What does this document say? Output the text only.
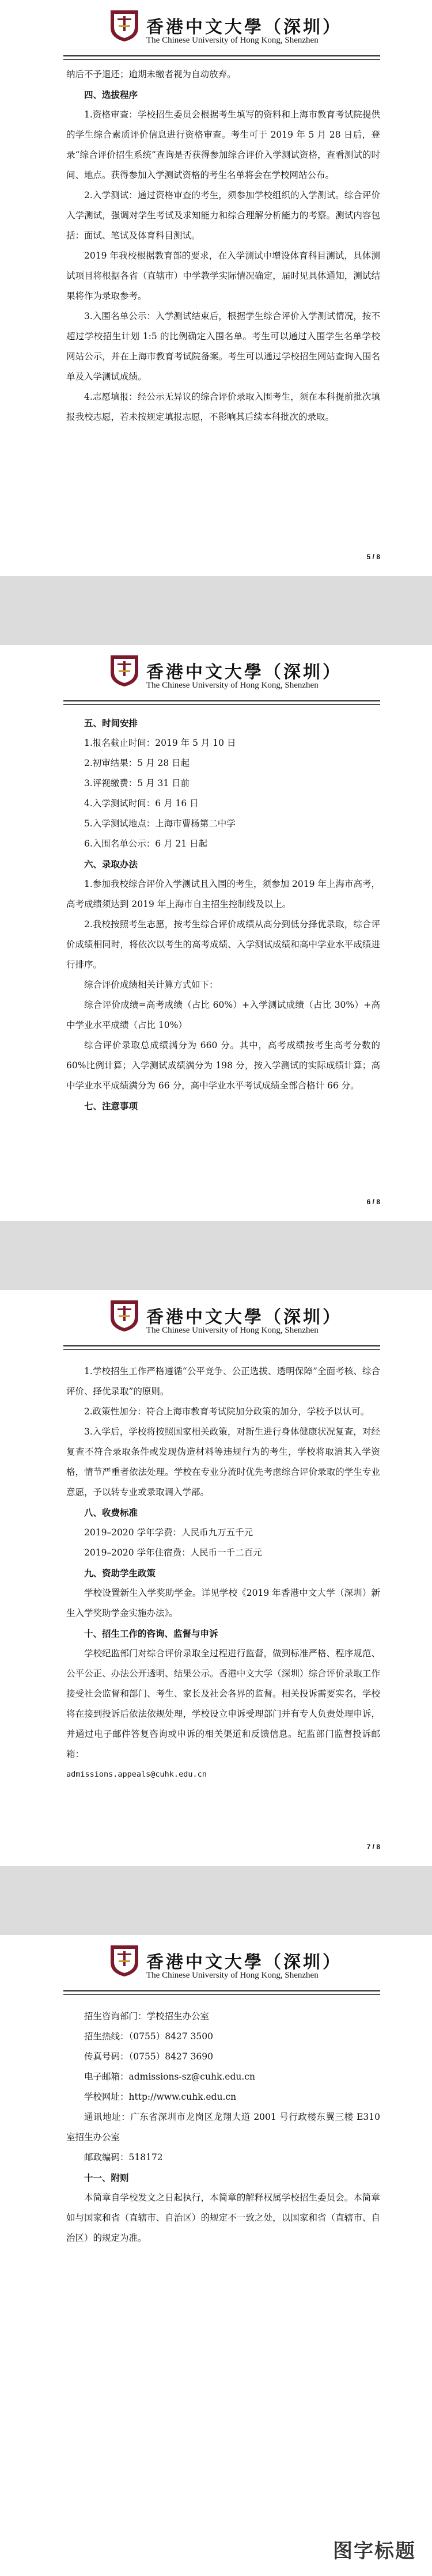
香港中文大學（深圳）
The Chinese University of Hong Kong, Shenzhen

纳后不予退还；逾期未缴者视为自动放弃。

四、选拔程序

1.资格审查：学校招生委员会根据考生填写的资料和上海市教育考试院提供的学生综合素质评价信息进行资格审查。考生可于 2019 年 5 月 28 日后，登录“综合评价招生系统”查询是否获得参加综合评价入学测试资格，查看测试的时间、地点。获得参加入学测试资格的考生名单将会在学校网站公布。

2.入学测试：通过资格审查的考生，须参加学校组织的入学测试。综合评价入学测试，强调对学生考试及求知能力和综合理解分析能力的考察。测试内容包括：面试、笔试及体育科目测试。

2019 年我校根据教育部的要求，在入学测试中增设体育科目测试，具体测试项目将根据各省（直辖市）中学教学实际情况确定，届时见具体通知，测试结果将作为录取参考。

3.入围名单公示：入学测试结束后，根据学生综合评价入学测试情况，按不超过学校招生计划 1:5 的比例确定入围名单。考生可以通过入围学生名单学校网站公示，并在上海市教育考试院备案。考生可以通过学校招生网站查询入围名单及入学测试成绩。

4.志愿填报：经公示无异议的综合评价录取入围考生，须在本科提前批次填报我校志愿，若未按规定填报志愿，不影响其后续本科批次的录取。

5 / 8
香港中文大學（深圳）
The Chinese University of Hong Kong, Shenzhen

五、时间安排

1.报名截止时间：2019 年 5 月 10 日

2.初审结果：5 月 28 日起

3.评视缴费：5 月 31 日前

4.入学测试时间：6 月 16 日

5.入学测试地点：上海市曹杨第二中学

6.入围名单公示：6 月 21 日起

六、录取办法

1.参加我校综合评价入学测试且入围的考生，须参加 2019 年上海市高考，高考成绩须达到 2019 年上海市自主招生控制线及以上。

2.我校按照考生志愿，按考生综合评价成绩从高分到低分择优录取，综合评价成绩相同时，将依次以考生的高考成绩、入学测试成绩和高中学业水平成绩进行排序。

综合评价成绩相关计算方式如下：

综合评价成绩=高考成绩（占比 60%）+入学测试成绩（占比 30%）+高中学业水平成绩（占比 10%）

综合评价录取总成绩满分为 660 分。其中，高考成绩按考生高考分数的 60%比例计算；入学测试成绩满分为 198 分，按入学测试的实际成绩计算；高中学业水平成绩满分为 66 分，高中学业水平考试成绩全部合格计 66 分。

七、注意事项

6 / 8
香港中文大學（深圳）
The Chinese University of Hong Kong, Shenzhen

1.学校招生工作严格遵循“公平竞争、公正选拔、透明保障”全面考核、综合评价、择优录取”的原则。

2.政策性加分：符合上海市教育考试院加分政策的加分，学校予以认可。

3.入学后，学校将按照国家相关政策，对新生进行身体健康状况复查，对经复查不符合录取条件或发现伪造材料等违规行为的考生，学校将取消其入学资格，情节严重者依法处理。学校在专业分流时优先考虑综合评价录取的学生专业意愿，予以转专业或录取调入学部。

八、收费标准

2019–2020 学年学费：人民币九万五千元

2019–2020 学年住宿费：人民币一千二百元

九、资助学生政策

学校设置新生入学奖助学金。详见学校《2019 年香港中文大学（深圳）新生入学奖助学金实施办法》。

十、招生工作的咨询、监督与申诉

学校纪监部门对综合评价录取全过程进行监督，做到标准严格、程序规范、公平公正、办法公开透明、结果公示。香港中文大学（深圳）综合评价录取工作接受社会监督和部门、考生、家长及社会各界的监督。相关投诉需要实名，学校将在接到投诉后依法依规处理，学校设立申诉受理部门并有专人负责处理申诉，并通过电子邮件答复咨询或申诉的相关渠道和反馈信息。纪监部门监督投诉邮箱：

admissions.appeals@cuhk.edu.cn

7 / 8
香港中文大學（深圳）
The Chinese University of Hong Kong, Shenzhen

招生咨询部门：学校招生办公室

招生热线：（0755）8427 3500

传真号码：（0755）8427 3690

电子邮箱：admissions-sz@cuhk.edu.cn

学校网址：http://www.cuhk.edu.cn

通讯地址：广东省深圳市龙岗区龙翔大道 2001 号行政楼东翼三楼 E310 室招生办公室

邮政编码：518172

十一、附则

本简章自学校发文之日起执行，本简章的解释权属学校招生委员会。本简章如与国家和省（直辖市、自治区）的规定不一致之处，以国家和省（直辖市、自治区）的规定为准。

图字标题
